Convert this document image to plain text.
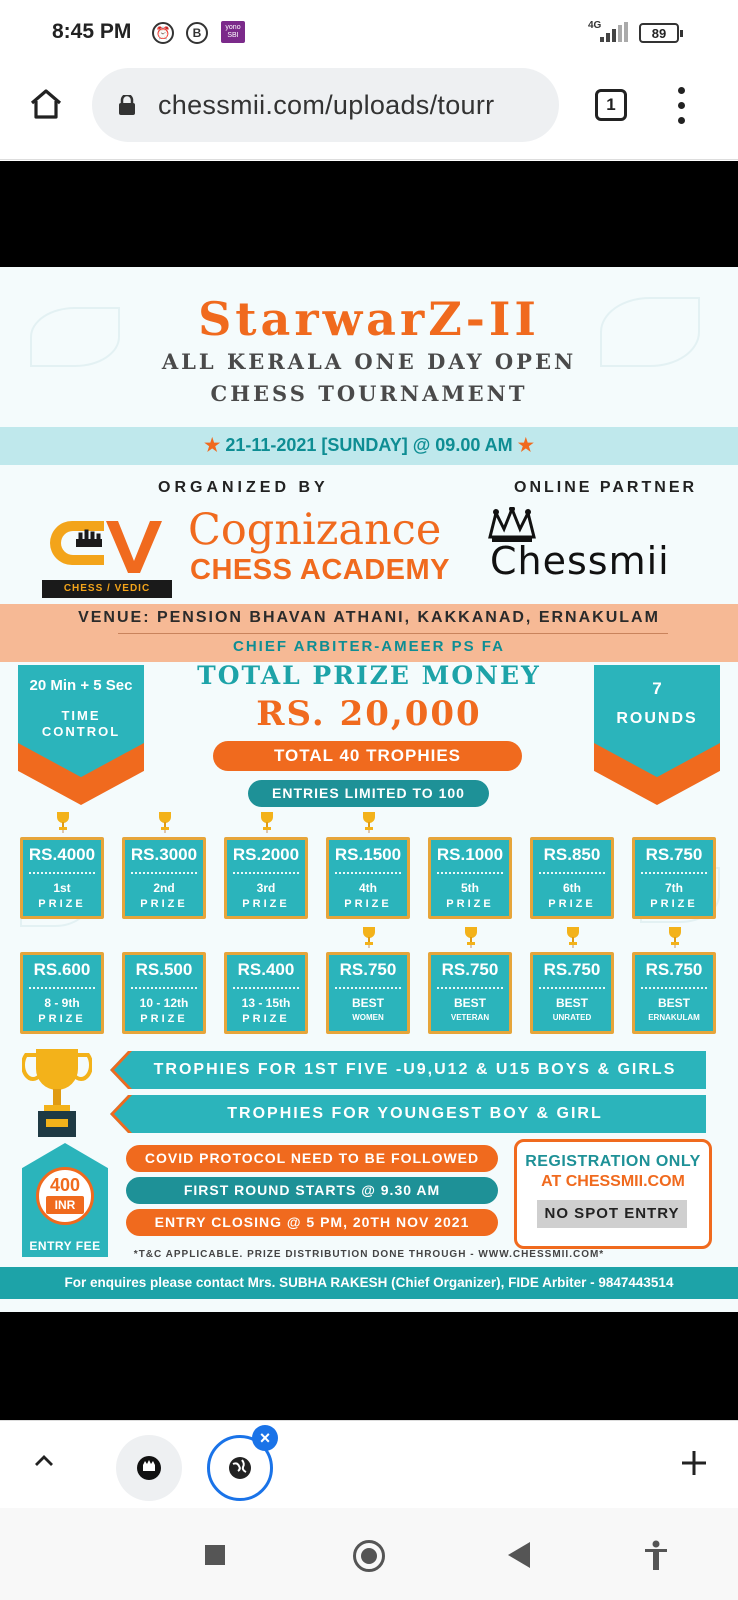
8:45 PM ⏰	B	yono SBI
4G	89
chessmii.com/uploads/tourr	1
StarwarZ-II
ALL KERALA ONE DAY OPEN
CHESS TOURNAMENT
★ 21-11-2021 [SUNDAY] @ 09.00 AM ★
ORGANIZED BY	ONLINE PARTNER
CHESS / VEDIC
Cognizance
CHESS ACADEMY Chessmii
VENUE: PENSION BHAVAN ATHANI, KAKKANAD, ERNAKULAM
CHIEF ARBITER-AMEER PS FA
20 Min + 5 Sec
TIME
CONTROL
7
ROUNDS
TOTAL PRIZE MONEY
RS. 20,000
TOTAL 40 TROPHIES
ENTRIES LIMITED TO 100
RS.4000
1st
PRIZE
RS.3000
2nd
PRIZE
RS.2000
3rd
PRIZE
RS.1500
4th
PRIZE
RS.1000
5th
PRIZE
RS.850
6th
PRIZE
RS.750
7th
PRIZE
RS.600
8 - 9th
PRIZE
RS.500
10 - 12th
PRIZE
RS.400
13 - 15th
PRIZE
RS.750
BEST
WOMEN
RS.750
BEST
VETERAN
RS.750
BEST
UNRATED
RS.750
BEST
ERNAKULAM
TROPHIES FOR 1ST FIVE -U9,U12 & U15 BOYS & GIRLS
TROPHIES FOR YOUNGEST BOY & GIRL
400
INR
ENTRY FEE
COVID PROTOCOL NEED TO BE FOLLOWED
FIRST ROUND STARTS @ 9.30 AM
ENTRY CLOSING @ 5 PM, 20TH NOV 2021
REGISTRATION ONLY
AT CHESSMII.COM
NO SPOT ENTRY
*T&C APPLICABLE. PRIZE DISTRIBUTION DONE THROUGH - WWW.CHESSMII.COM*
For enquires please contact Mrs. SUBHA RAKESH (Chief Organizer), FIDE Arbiter - 9847443514
×
